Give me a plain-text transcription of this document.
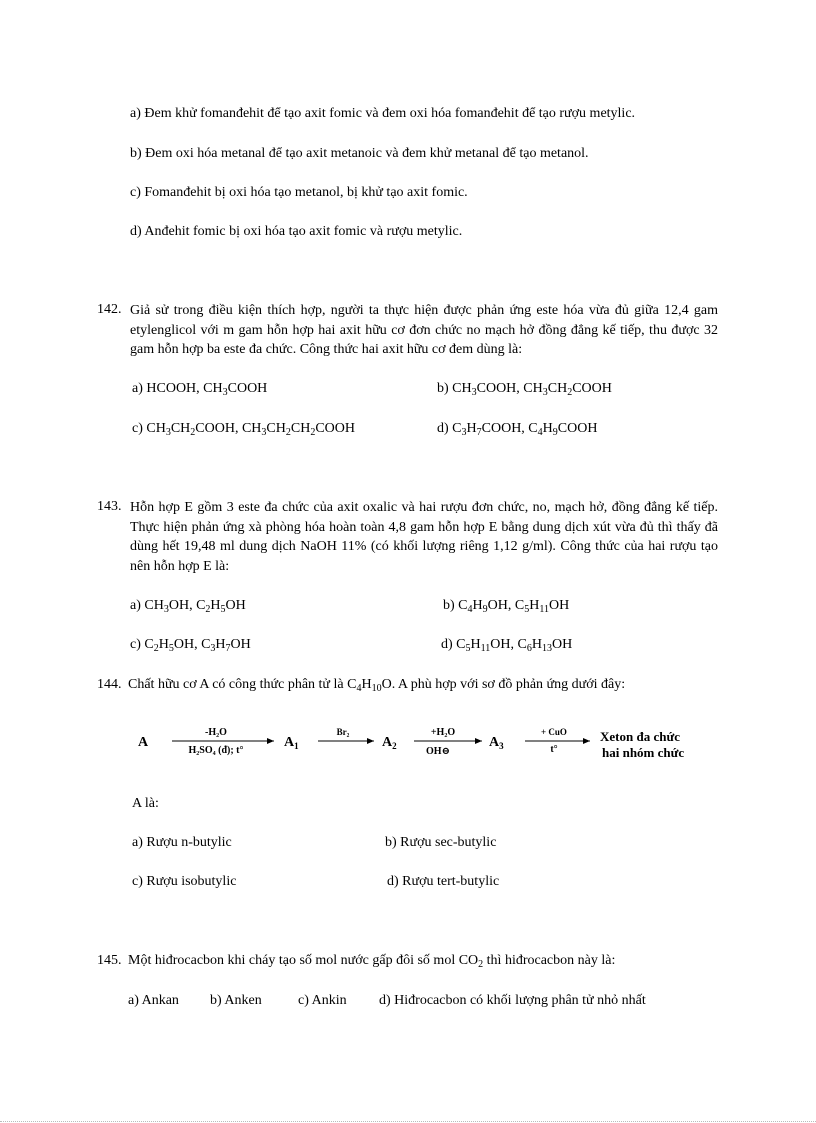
a) Đem khử fomanđehit để tạo axit fomic và đem oxi hóa fomanđehit để tạo rượu metylic.
b) Đem oxi hóa metanal để tạo axit metanoic và đem khử metanal để tạo metanol.
c) Fomanđehit bị oxi hóa tạo metanol, bị khử tạo axit fomic.
d) Anđehit fomic bị oxi hóa tạo axit fomic và rượu metylic.
142. Giả sử trong điều kiện thích hợp, người ta thực hiện được phản ứng este hóa vừa đủ giữa 12,4 gam etylenglicol với m gam hỗn hợp hai axit hữu cơ đơn chức no mạch hở đồng đẳng kế tiếp, thu được 32 gam hỗn hợp ba este đa chức. Công thức hai axit hữu cơ đem dùng là:
a) HCOOH, $CH_3COOH$	b) $CH_3COOH$, $CH_3CH_2COOH$
c) $CH_3CH_2COOH$, $CH_3CH_2CH_2COOH$	d) $C_3H_7COOH$, $C_4H_9COOH$
143. Hỗn hợp E gồm 3 este đa chức của axit oxalic và hai rượu đơn chức, no, mạch hở, đồng đẳng kế tiếp. Thực hiện phản ứng xà phòng hóa hoàn toàn 4,8 gam hỗn hợp E bằng dung dịch xút vừa đủ thì thấy đã dùng hết 19,48 ml dung dịch NaOH 11% (có khối lượng riêng 1,12 g/ml). Công thức của hai rượu tạo nên hỗn hợp E là:
a) $CH_3OH$, $C_2H_5OH$	b) $C_4H_9OH$, $C_5H_{11}OH$
c) $C_2H_5OH$, $C_3H_7OH$	d) $C_5H_{11}OH$, $C_6H_{13}OH$
144. Chất hữu cơ A có công thức phân tử là $C_4H_{10}O$. A phù hợp với sơ đồ phản ứng dưới đây:
A
-H₂O
H₂SO₄ (đ); t°
$A_1$
Br₂
$A_2$
+H₂O
OH⊖
$A_3$
+ CuO
t°
Xeton đa chức
hai nhóm chức
A là:
a) Rượu n-butylic	b) Rượu sec-butylic
c) Rượu isobutylic	d) Rượu tert-butylic
145. Một hiđrocacbon khi cháy tạo số mol nước gấp đôi số mol $CO_2$ thì hiđrocacbon này là:
a) Ankan b) Anken	c) Ankin d) Hiđrocacbon có khối lượng phân tử nhỏ nhất
